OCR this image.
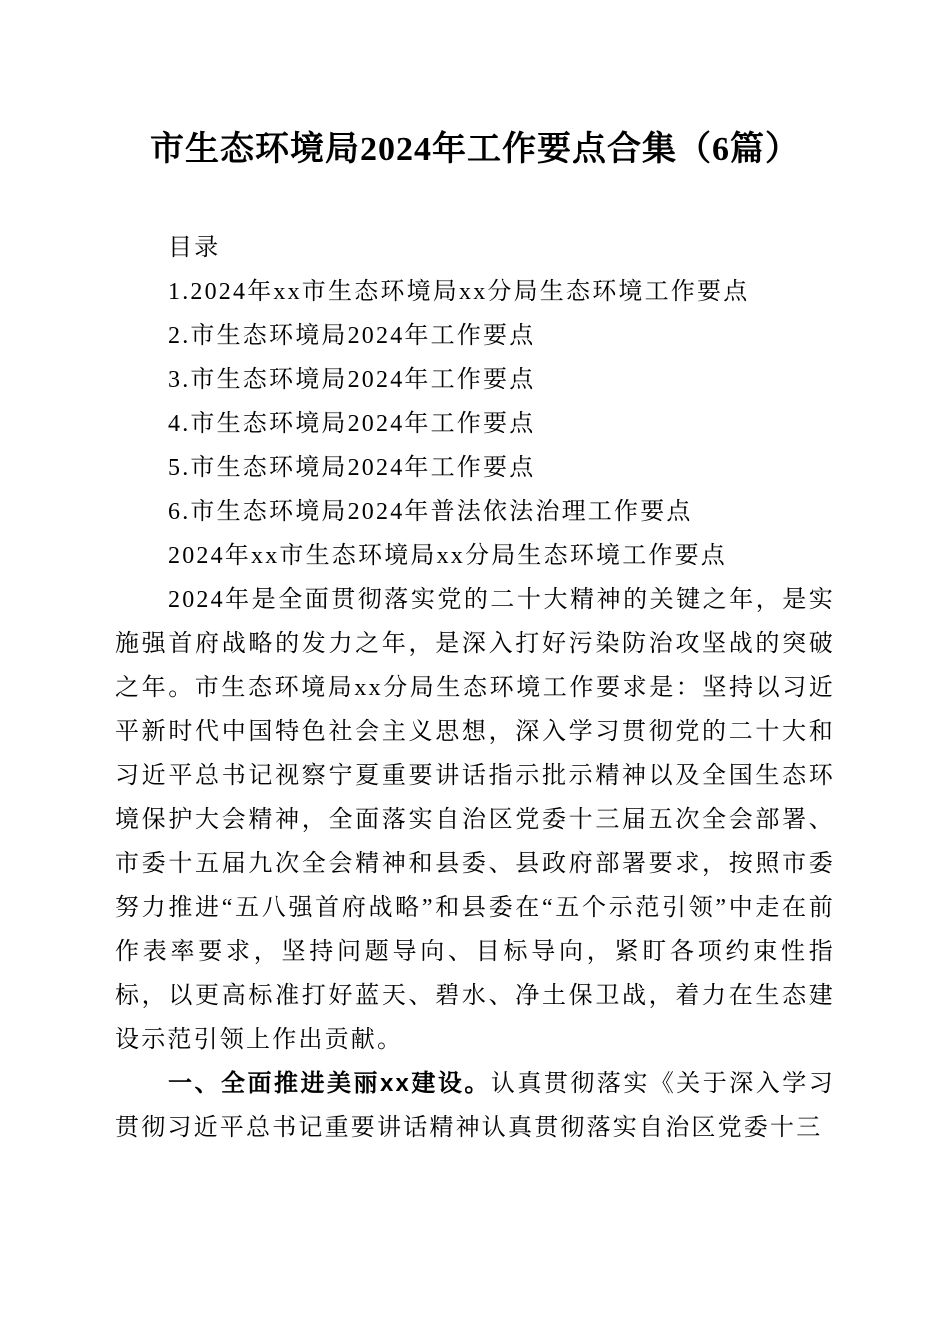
市生态环境局2024年工作要点合集（6篇）

目录

1.2024年xx市生态环境局xx分局生态环境工作要点

2.市生态环境局2024年工作要点

3.市生态环境局2024年工作要点

4.市生态环境局2024年工作要点

5.市生态环境局2024年工作要点

6.市生态环境局2024年普法依法治理工作要点

2024年xx市生态环境局xx分局生态环境工作要点

2024年是全面贯彻落实党的二十大精神的关键之年，是实施强首府战略的发力之年，是深入打好污染防治攻坚战的突破之年。市生态环境局xx分局生态环境工作要求是：坚持以习近平新时代中国特色社会主义思想，深入学习贯彻党的二十大和习近平总书记视察宁夏重要讲话指示批示精神以及全国生态环境保护大会精神，全面落实自治区党委十三届五次全会部署、市委十五届九次全会精神和县委、县政府部署要求，按照市委努力推进“五八强首府战略”和县委在“五个示范引领”中走在前作表率要求，坚持问题导向、目标导向，紧盯各项约束性指标，以更高标准打好蓝天、碧水、净土保卫战，着力在生态建设示范引领上作出贡献。

一、全面推进美丽xx建设。认真贯彻落实《关于深入学习贯彻习近平总书记重要讲话精神认真贯彻落实自治区党委十三
